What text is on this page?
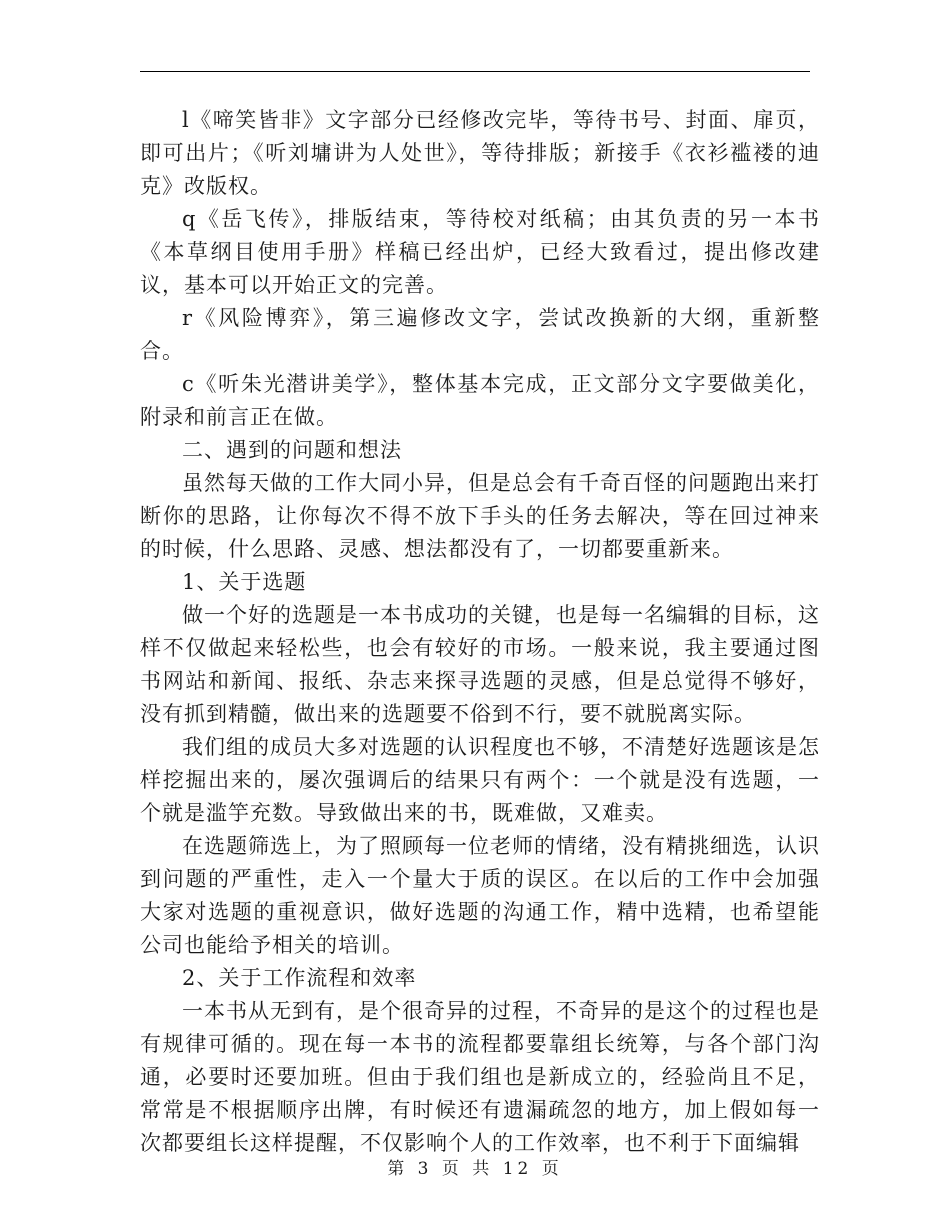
l《啼笑皆非》文字部分已经修改完毕，等待书号、封面、扉页，即可出片；《听刘墉讲为人处世》，等待排版；新接手《衣衫褴褛的迪克》改版权。

q《岳飞传》，排版结束，等待校对纸稿；由其负责的另一本书《本草纲目使用手册》样稿已经出炉，已经大致看过，提出修改建议，基本可以开始正文的完善。

r《风险博弈》，第三遍修改文字，尝试改换新的大纲，重新整合。

c《听朱光潜讲美学》，整体基本完成，正文部分文字要做美化，附录和前言正在做。

二、遇到的问题和想法

虽然每天做的工作大同小异，但是总会有千奇百怪的问题跑出来打断你的思路，让你每次不得不放下手头的任务去解决，等在回过神来的时候，什么思路、灵感、想法都没有了，一切都要重新来。

1、关于选题

做一个好的选题是一本书成功的关键，也是每一名编辑的目标，这样不仅做起来轻松些，也会有较好的市场。一般来说，我主要通过图书网站和新闻、报纸、杂志来探寻选题的灵感，但是总觉得不够好，没有抓到精髓，做出来的选题要不俗到不行，要不就脱离实际。

我们组的成员大多对选题的认识程度也不够，不清楚好选题该是怎样挖掘出来的，屡次强调后的结果只有两个：一个就是没有选题，一个就是滥竽充数。导致做出来的书，既难做，又难卖。

在选题筛选上，为了照顾每一位老师的情绪，没有精挑细选，认识到问题的严重性，走入一个量大于质的误区。在以后的工作中会加强大家对选题的重视意识，做好选题的沟通工作，精中选精，也希望能公司也能给予相关的培训。

2、关于工作流程和效率

一本书从无到有，是个很奇异的过程，不奇异的是这个的过程也是有规律可循的。现在每一本书的流程都要靠组长统筹，与各个部门沟通，必要时还要加班。但由于我们组也是新成立的，经验尚且不足，常常是不根据顺序出牌，有时候还有遗漏疏忽的地方，加上假如每一次都要组长这样提醒，不仅影响个人的工作效率，也不利于下面编辑

第 3 页 共 12 页
